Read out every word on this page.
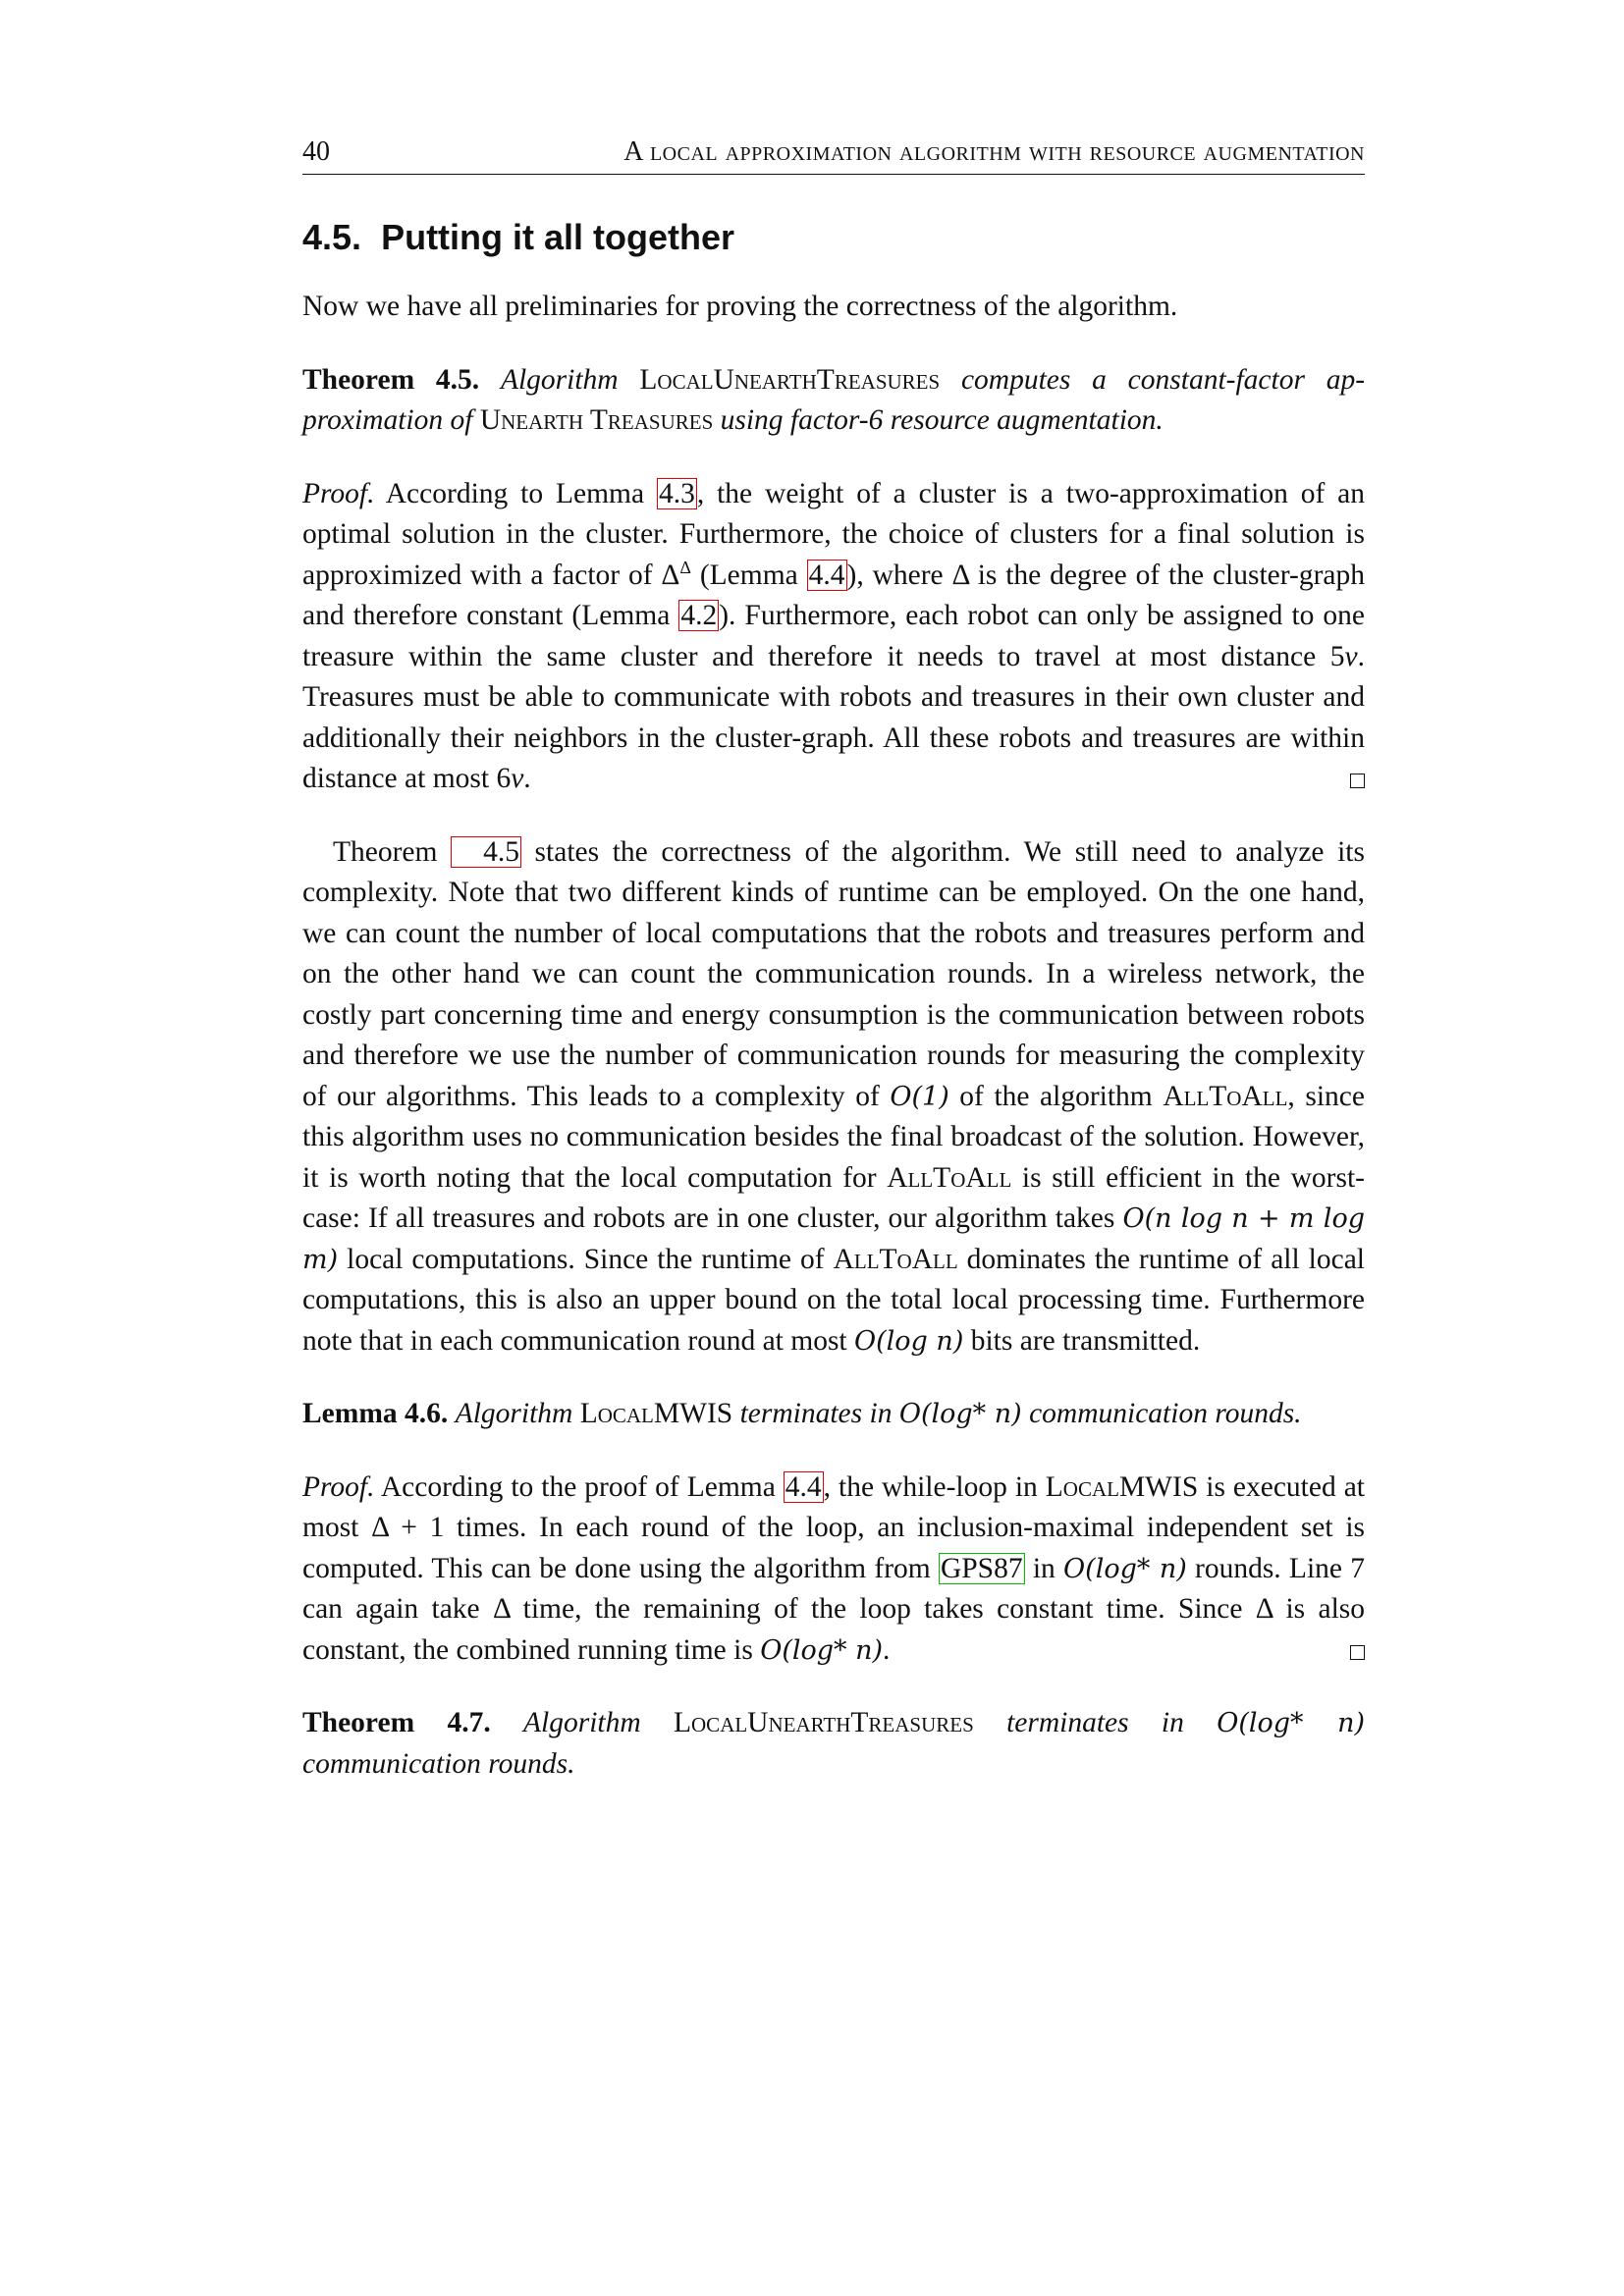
40	A local approximation algorithm with resource augmentation
4.5. Putting it all together

Now we have all preliminaries for proving the correctness of the algorithm.

Theorem 4.5. Algorithm LocalUnearthTreasures computes a constant-factor ap-proximation of Unearth Treasures using factor-6 resource augmentation.

Proof. According to Lemma 4.3, the weight of a cluster is a two-approximation of an optimal solution in the cluster. Furthermore, the choice of clusters for a final solution is approximized with a factor of $\Delta^\Delta$ (Lemma 4.4), where Δ is the degree of the cluster-graph and therefore constant (Lemma 4.2). Furthermore, each robot can only be assigned to one treasure within the same cluster and therefore it needs to travel at most distance 5v. Treasures must be able to communicate with robots and treasures in their own cluster and additionally their neighbors in the cluster-graph. All these robots and treasures are within distance at most 6v.

Theorem 4.5 states the correctness of the algorithm. We still need to analyze its complexity. Note that two different kinds of runtime can be employed. On the one hand, we can count the number of local computations that the robots and treasures perform and on the other hand we can count the communication rounds. In a wireless network, the costly part concerning time and energy consumption is the communication between robots and therefore we use the number of communication rounds for measuring the complexity of our algorithms. This leads to a complexity of O(1) of the algorithm AllToAll, since this algorithm uses no communication besides the final broadcast of the solution. However, it is worth noting that the local computation for AllToAll is still efficient in the worst-case: If all treasures and robots are in one cluster, our algorithm takes O(n log n + m log m) local computations. Since the runtime of AllToAll dominates the runtime of all local computations, this is also an upper bound on the total local processing time. Furthermore note that in each communication round at most O(log n) bits are transmitted.

Lemma 4.6. Algorithm LocalMWIS terminates in O(log* n) communication rounds.

Proof. According to the proof of Lemma 4.4, the while-loop in LocalMWIS is executed at most Δ + 1 times. In each round of the loop, an inclusion-maximal independent set is computed. This can be done using the algorithm from GPS87 in O(log* n) rounds. Line 7 can again take Δ time, the remaining of the loop takes constant time. Since Δ is also constant, the combined running time is O(log* n).

Theorem 4.7. Algorithm LocalUnearthTreasures terminates in O(log* n) communication rounds.
